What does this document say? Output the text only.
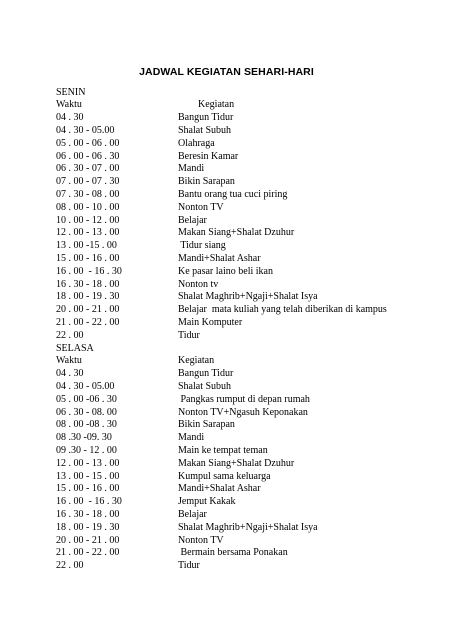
JADWAL KEGIATAN SEHARI-HARI
SENIN
Waktu	Kegiatan
04 . 30	Bangun Tidur
04 . 30 - 05.00	Shalat Subuh
05 . 00 - 06 . 00	Olahraga
06 . 00 - 06 . 30	Beresin Kamar
06 . 30 - 07 . 00	Mandi
07 . 00 - 07 . 30	Bikin Sarapan
07 . 30 - 08 . 00	Bantu orang tua cuci piring
08 . 00 - 10 . 00	Nonton TV
10 . 00 - 12 . 00	Belajar
12 . 00 - 13 . 00	Makan Siang+Shalat Dzuhur
13 . 00 -15 . 00	Tidur siang
15 . 00 - 16 . 00	Mandi+Shalat Ashar
16 . 00  - 16 . 30	Ke pasar laino beli ikan
16 . 30 - 18 . 00	Nonton tv
18 . 00 - 19 . 30	Shalat Maghrib+Ngaji+Shalat Isya
20 . 00 - 21 . 00	Belajar  mata kuliah yang telah diberikan di kampus
21 . 00 - 22 . 00	Main Komputer
22 . 00	Tidur
SELASA
Waktu	Kegiatan
04 . 30	Bangun Tidur
04 . 30 - 05.00	Shalat Subuh
05 . 00 -06 . 30	Pangkas rumput di depan rumah
06 . 30 - 08. 00	Nonton TV+Ngasuh Keponakan
08 . 00 -08 . 30	Bikin Sarapan
08 .30 -09. 30	Mandi
09 .30 - 12 . 00	Main ke tempat teman
12 . 00 - 13 . 00	Makan Siang+Shalat Dzuhur
13 . 00 - 15 . 00	Kumpul sama keluarga
15 . 00 - 16 . 00	Mandi+Shalat Ashar
16 . 00  - 16 . 30	Jemput Kakak
16 . 30 - 18 . 00	Belajar
18 . 00 - 19 . 30	Shalat Maghrib+Ngaji+Shalat Isya
20 . 00 - 21 . 00	Nonton TV
21 . 00 - 22 . 00	Bermain bersama Ponakan
22 . 00	Tidur
